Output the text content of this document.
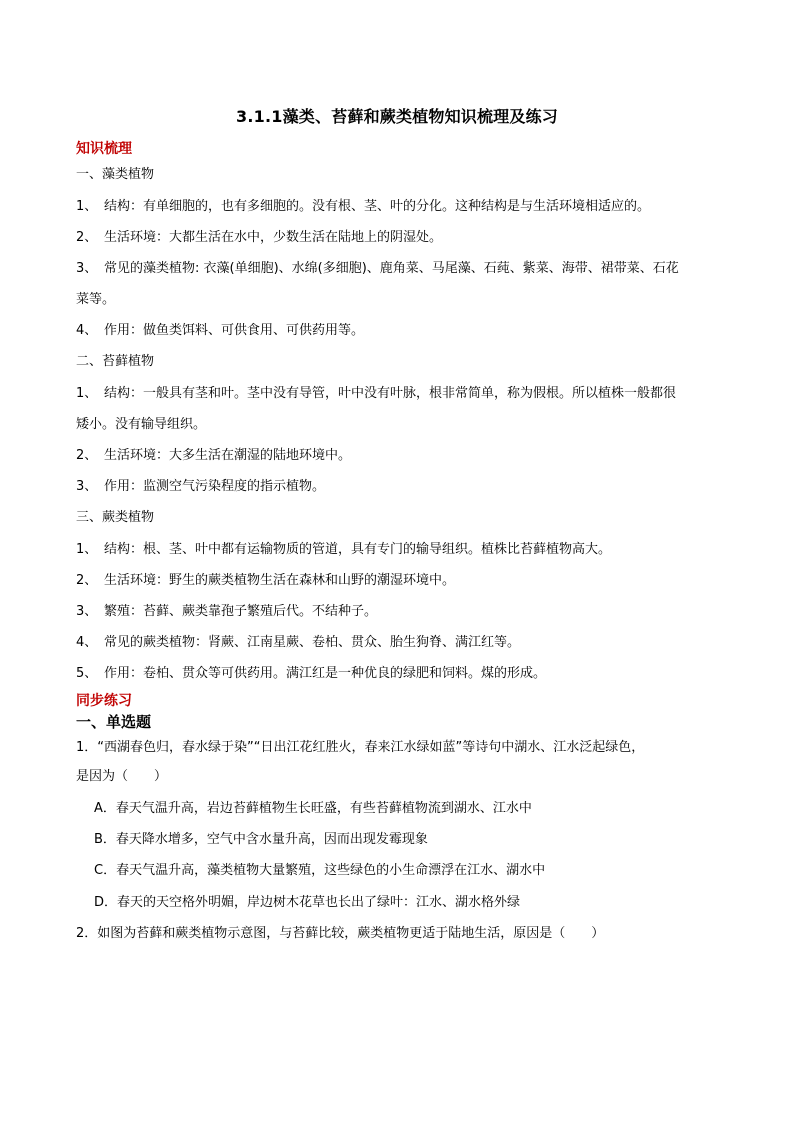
3.1.1藻类、苔藓和蕨类植物知识梳理及练习
知识梳理
一、藻类植物
1、 结构：有单细胞的，也有多细胞的。没有根、茎、叶的分化。这种结构是与生活环境相适应的。
2、 生活环境：大都生活在水中，少数生活在陆地上的阴湿处。
3、 常见的藻类植物: 衣藻(单细胞)、水绵(多细胞)、鹿角菜、马尾藻、石莼、紫菜、海带、裙带菜、石花
菜等。
4、 作用：做鱼类饵料、可供食用、可供药用等。
二、苔藓植物
1、 结构：一般具有茎和叶。茎中没有导管，叶中没有叶脉，根非常简单，称为假根。所以植株一般都很
矮小。没有输导组织。
2、 生活环境：大多生活在潮湿的陆地环境中。
3、 作用：监测空气污染程度的指示植物。
三、蕨类植物
1、 结构：根、茎、叶中都有运输物质的管道，具有专门的输导组织。植株比苔藓植物高大。
2、 生活环境：野生的蕨类植物生活在森林和山野的潮湿环境中。
3、 繁殖：苔藓、蕨类靠孢子繁殖后代。不结种子。
4、 常见的蕨类植物：肾蕨、江南星蕨、卷柏、贯众、胎生狗脊、满江红等。
5、 作用：卷柏、贯众等可供药用。满江红是一种优良的绿肥和饲料。煤的形成。
同步练习
一、单选题
1．“西湖春色归，春水绿于染”“日出江花红胜火，春来江水绿如蓝”等诗句中湖水、江水泛起绿色，
是因为（　　）
A．春天气温升高，岩边苔藓植物生长旺盛，有些苔藓植物流到湖水、江水中
B．春天降水增多，空气中含水量升高，因而出现发霉现象
C．春天气温升高，藻类植物大量繁殖，这些绿色的小生命漂浮在江水、湖水中
D．春天的天空格外明媚，岸边树木花草也长出了绿叶：江水、湖水格外绿
2．如图为苔藓和蕨类植物示意图，与苔藓比较，蕨类植物更适于陆地生活，原因是（　　）
